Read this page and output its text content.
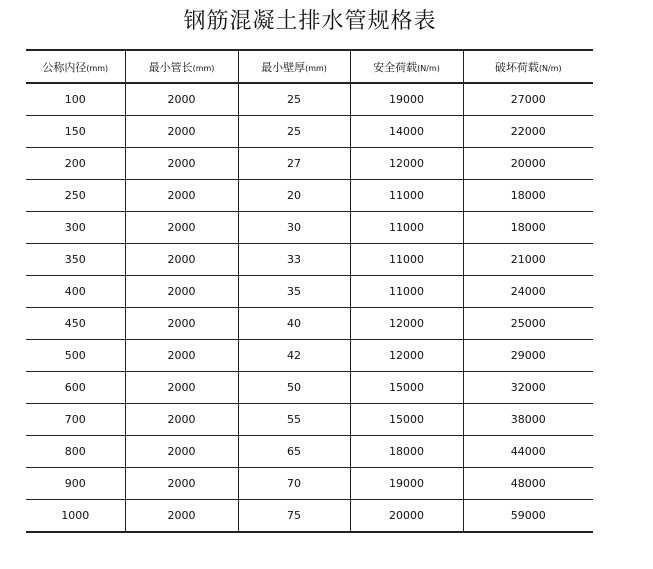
钢筋混凝土排水管规格表
公称内径(mm)	最小管长(mm)	最小壁厚(mm)	安全荷载(N/m)	破坏荷载(N/m)
100	2000	25	19000	27000
150	2000	25	14000	22000
200	2000	27	12000	20000
250	2000	20	11000	18000
300	2000	30	11000	18000
350	2000	33	11000	21000
400	2000	35	11000	24000
450	2000	40	12000	25000
500	2000	42	12000	29000
600	2000	50	15000	32000
700	2000	55	15000	38000
800	2000	65	18000	44000
900	2000	70	19000	48000
1000	2000	75	20000	59000
